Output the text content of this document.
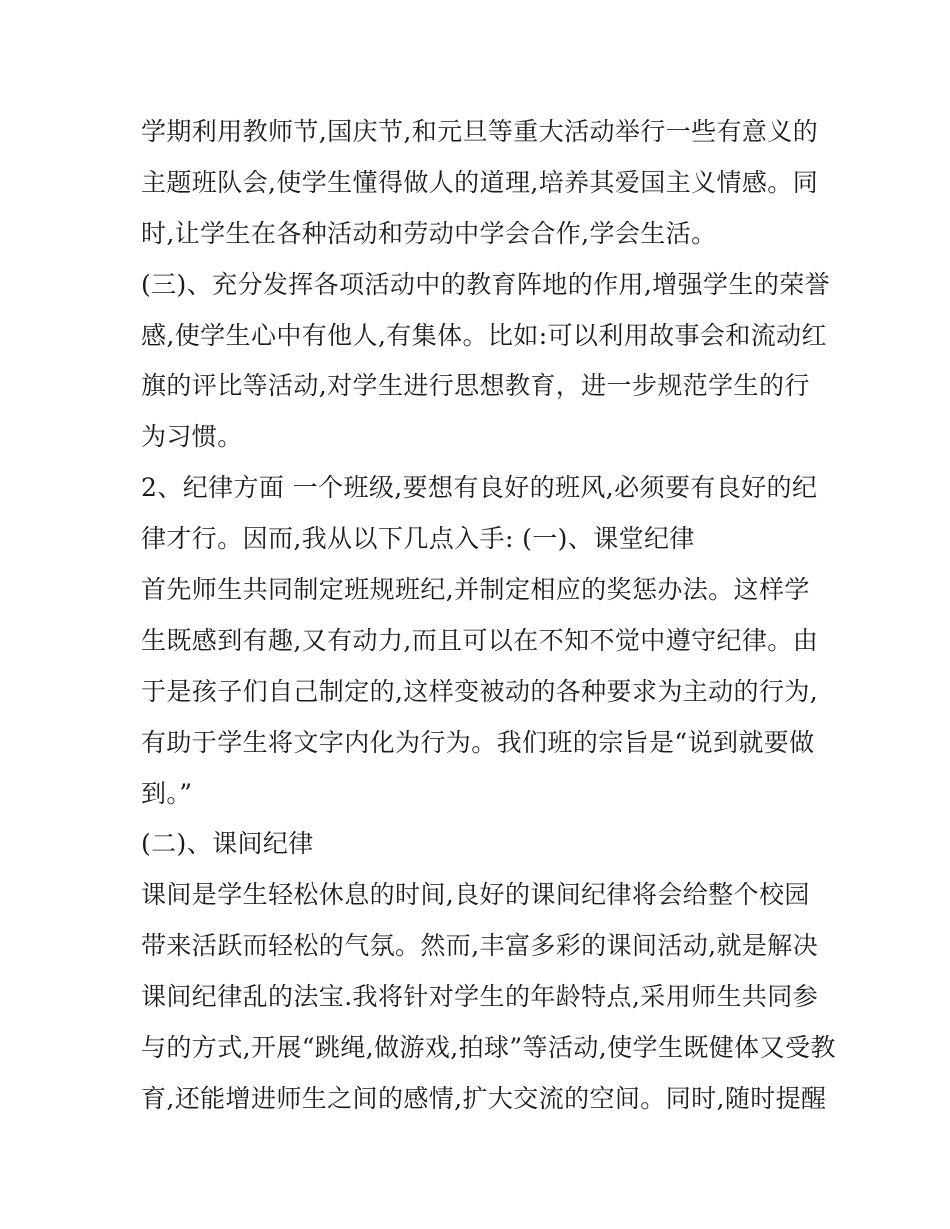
学期利用教师节,国庆节,和元旦等重大活动举行一些有意义的
主题班队会,使学生懂得做人的道理,培养其爱国主义情感。同
时,让学生在各种活动和劳动中学会合作,学会生活。
(三)、充分发挥各项活动中的教育阵地的作用,增强学生的荣誉
感,使学生心中有他人,有集体。比如:可以利用故事会和流动红
旗的评比等活动,对学生进行思想教育，进一步规范学生的行
为习惯。
2、纪律方面 一个班级,要想有良好的班风,必须要有良好的纪
律才行。因而,我从以下几点入手: (一)、课堂纪律
首先师生共同制定班规班纪,并制定相应的奖惩办法。这样学
生既感到有趣,又有动力,而且可以在不知不觉中遵守纪律。由
于是孩子们自己制定的,这样变被动的各种要求为主动的行为,
有助于学生将文字内化为行为。我们班的宗旨是“说到就要做
到。”
(二)、课间纪律
课间是学生轻松休息的时间,良好的课间纪律将会给整个校园
带来活跃而轻松的气氛。然而,丰富多彩的课间活动,就是解决
课间纪律乱的法宝.我将针对学生的年龄特点,采用师生共同参
与的方式,开展“跳绳,做游戏,拍球”等活动,使学生既健体又受教
育,还能增进师生之间的感情,扩大交流的空间。同时,随时提醒
